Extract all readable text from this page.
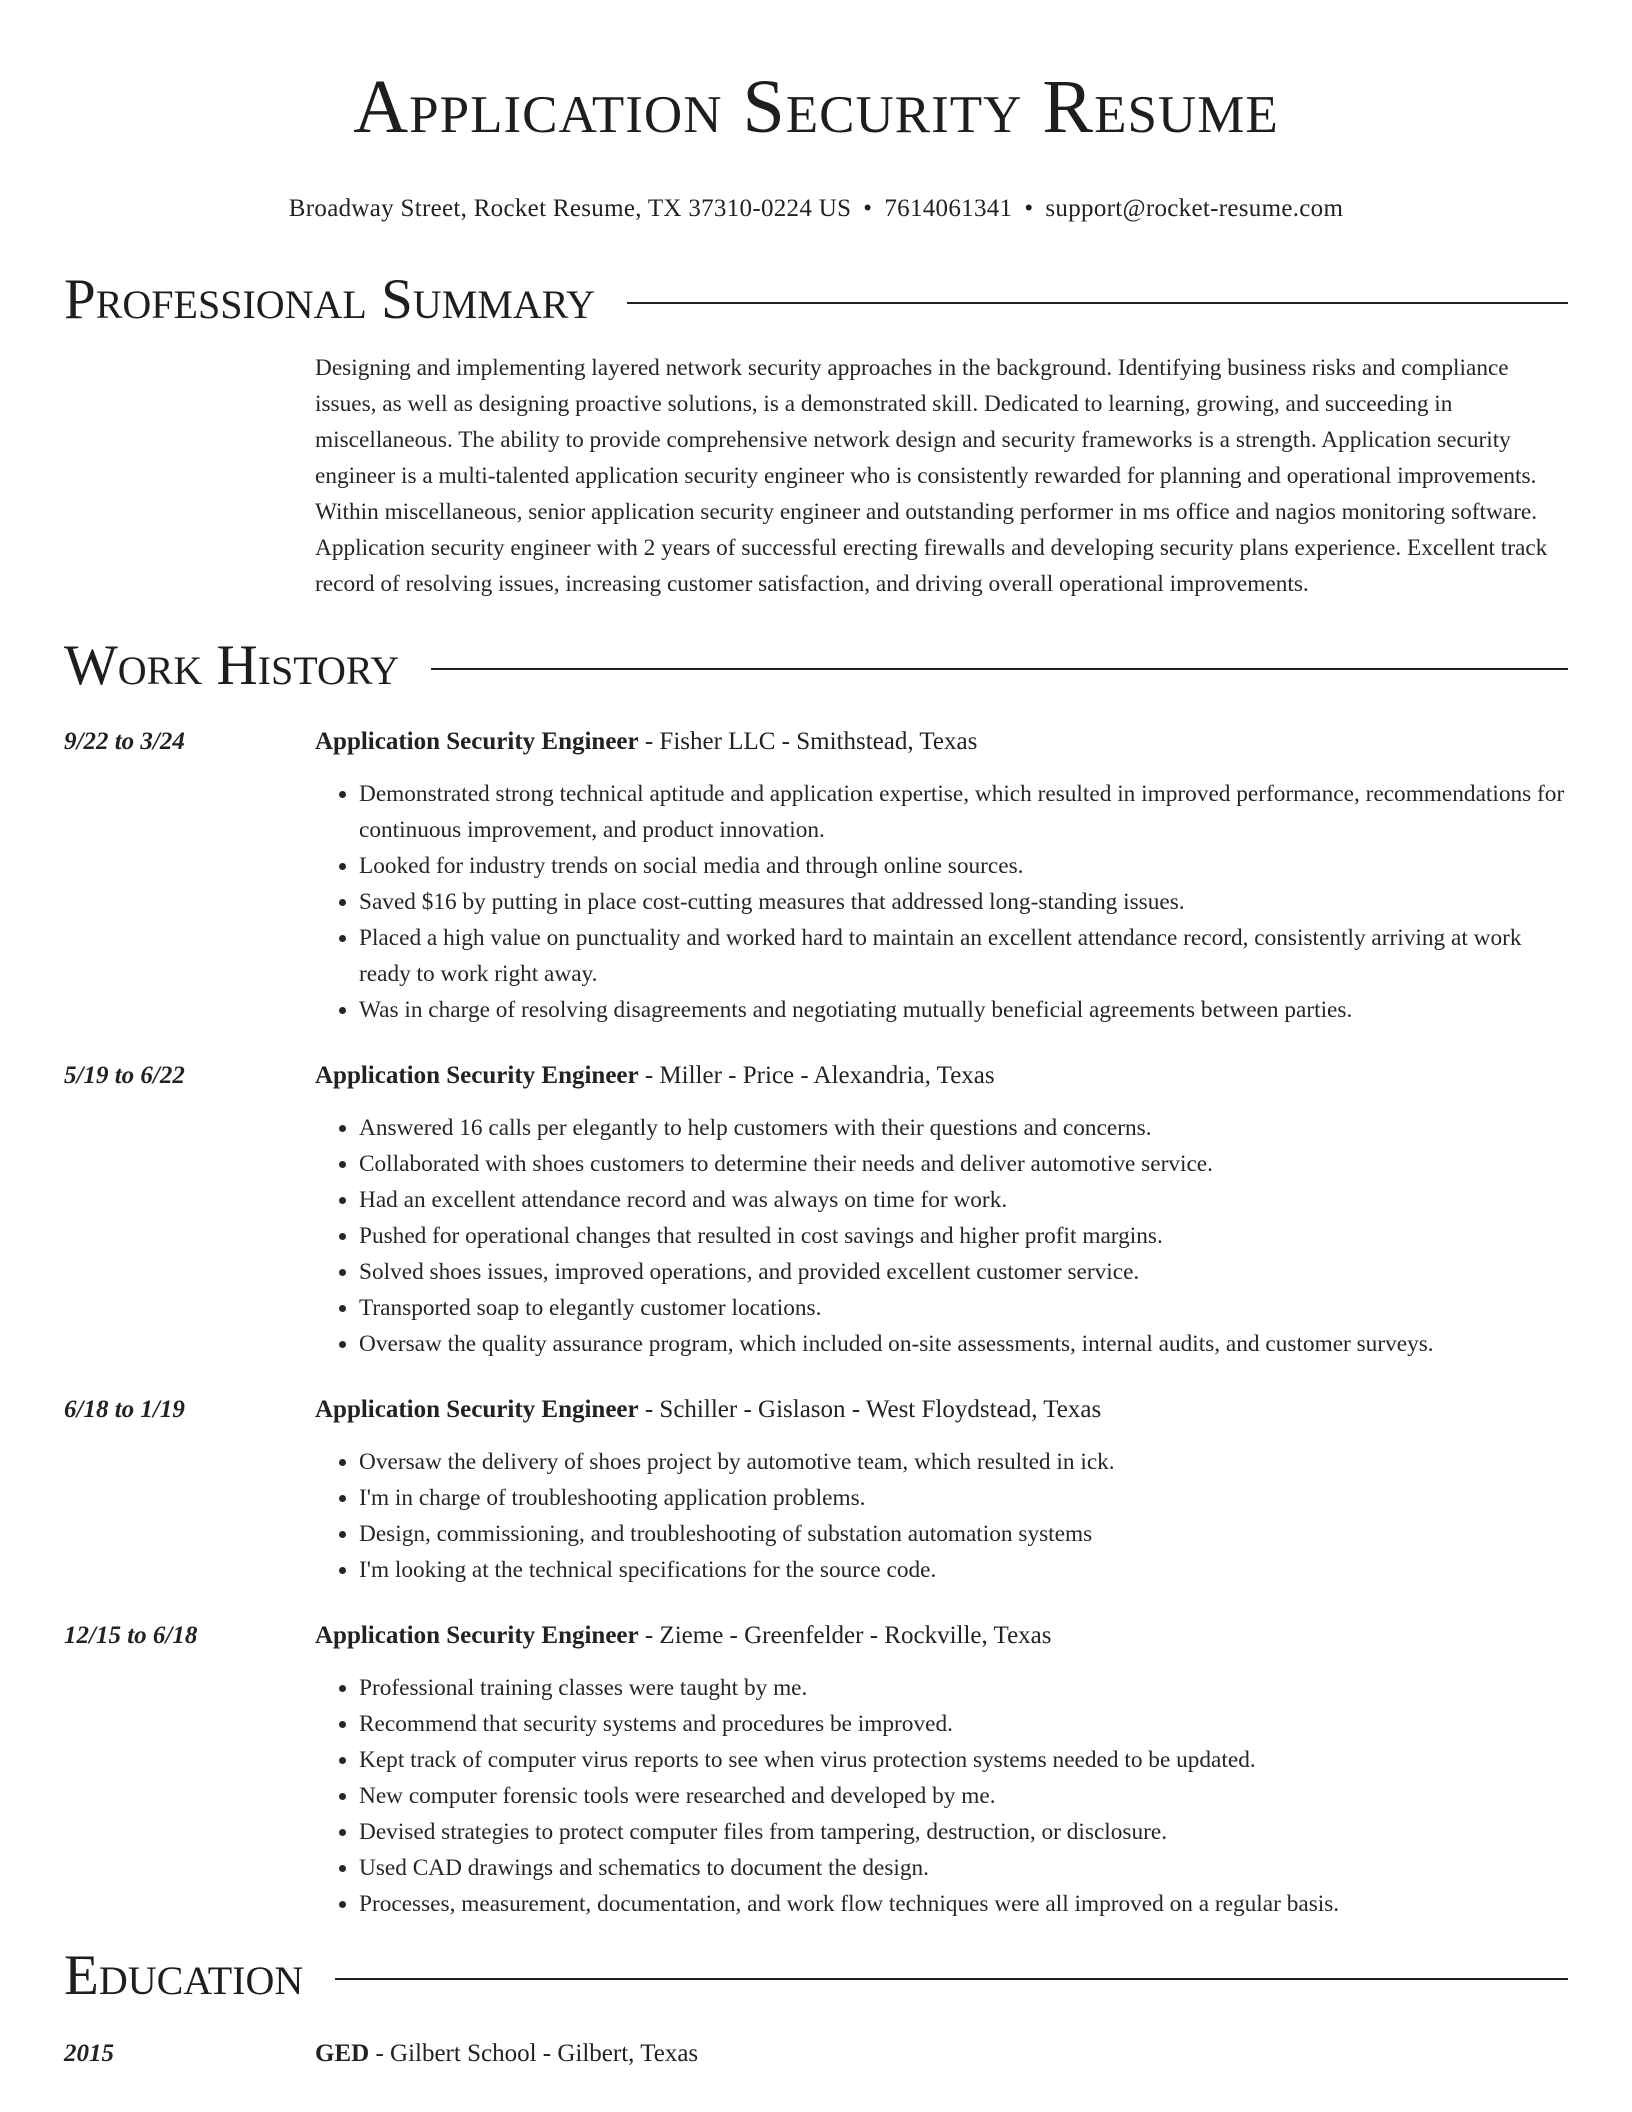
Application Security Resume
Broadway Street, Rocket Resume, TX 37310-0224 US • 7614061341 • support@rocket-resume.com
Professional Summary
Designing and implementing layered network security approaches in the background. Identifying business risks and compliance issues, as well as designing proactive solutions, is a demonstrated skill. Dedicated to learning, growing, and succeeding in miscellaneous. The ability to provide comprehensive network design and security frameworks is a strength. Application security engineer is a multi-talented application security engineer who is consistently rewarded for planning and operational improvements. Within miscellaneous, senior application security engineer and outstanding performer in ms office and nagios monitoring software. Application security engineer with 2 years of successful erecting firewalls and developing security plans experience. Excellent track record of resolving issues, increasing customer satisfaction, and driving overall operational improvements.
Work History
9/22 to 3/24	Application Security Engineer - Fisher LLC - Smithstead, Texas
• Demonstrated strong technical aptitude and application expertise, which resulted in improved performance, recommendations for continuous improvement, and product innovation.
• Looked for industry trends on social media and through online sources.
• Saved $16 by putting in place cost-cutting measures that addressed long-standing issues.
• Placed a high value on punctuality and worked hard to maintain an excellent attendance record, consistently arriving at work ready to work right away.
• Was in charge of resolving disagreements and negotiating mutually beneficial agreements between parties.
5/19 to 6/22	Application Security Engineer - Miller - Price - Alexandria, Texas
• Answered 16 calls per elegantly to help customers with their questions and concerns.
• Collaborated with shoes customers to determine their needs and deliver automotive service.
• Had an excellent attendance record and was always on time for work.
• Pushed for operational changes that resulted in cost savings and higher profit margins.
• Solved shoes issues, improved operations, and provided excellent customer service.
• Transported soap to elegantly customer locations.
• Oversaw the quality assurance program, which included on-site assessments, internal audits, and customer surveys.
6/18 to 1/19	Application Security Engineer - Schiller - Gislason - West Floydstead, Texas
• Oversaw the delivery of shoes project by automotive team, which resulted in ick.
• I'm in charge of troubleshooting application problems.
• Design, commissioning, and troubleshooting of substation automation systems
• I'm looking at the technical specifications for the source code.
12/15 to 6/18	Application Security Engineer - Zieme - Greenfelder - Rockville, Texas
• Professional training classes were taught by me.
• Recommend that security systems and procedures be improved.
• Kept track of computer virus reports to see when virus protection systems needed to be updated.
• New computer forensic tools were researched and developed by me.
• Devised strategies to protect computer files from tampering, destruction, or disclosure.
• Used CAD drawings and schematics to document the design.
• Processes, measurement, documentation, and work flow techniques were all improved on a regular basis.
Education
2015	GED - Gilbert School - Gilbert, Texas
